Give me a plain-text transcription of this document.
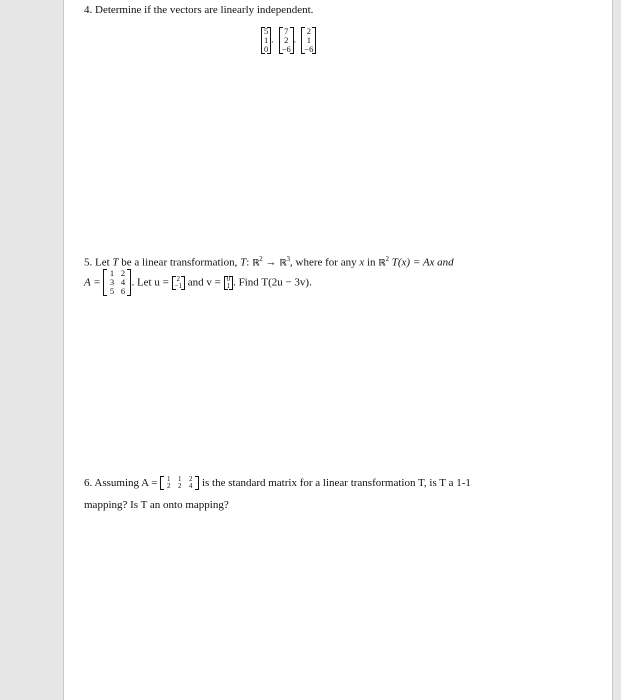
4. Determine if the vectors are linearly independent.
5
1
0
.
7
2
−6
.
2
1
−6
5. Let T be a linear transformation, T: ℝ$^2$ → ℝ$^3$, where for any x in ℝ$^2$ T(x) = Ax and
A =
1 2
3 4
5 6
. Let u = 2
−1 and v = 0
1 . Find T(2u − 3v).
6. Assuming A = 1 1 2
2 2 4 is the standard matrix for a linear transformation T, is T a 1-1
mapping? Is T an onto mapping?
